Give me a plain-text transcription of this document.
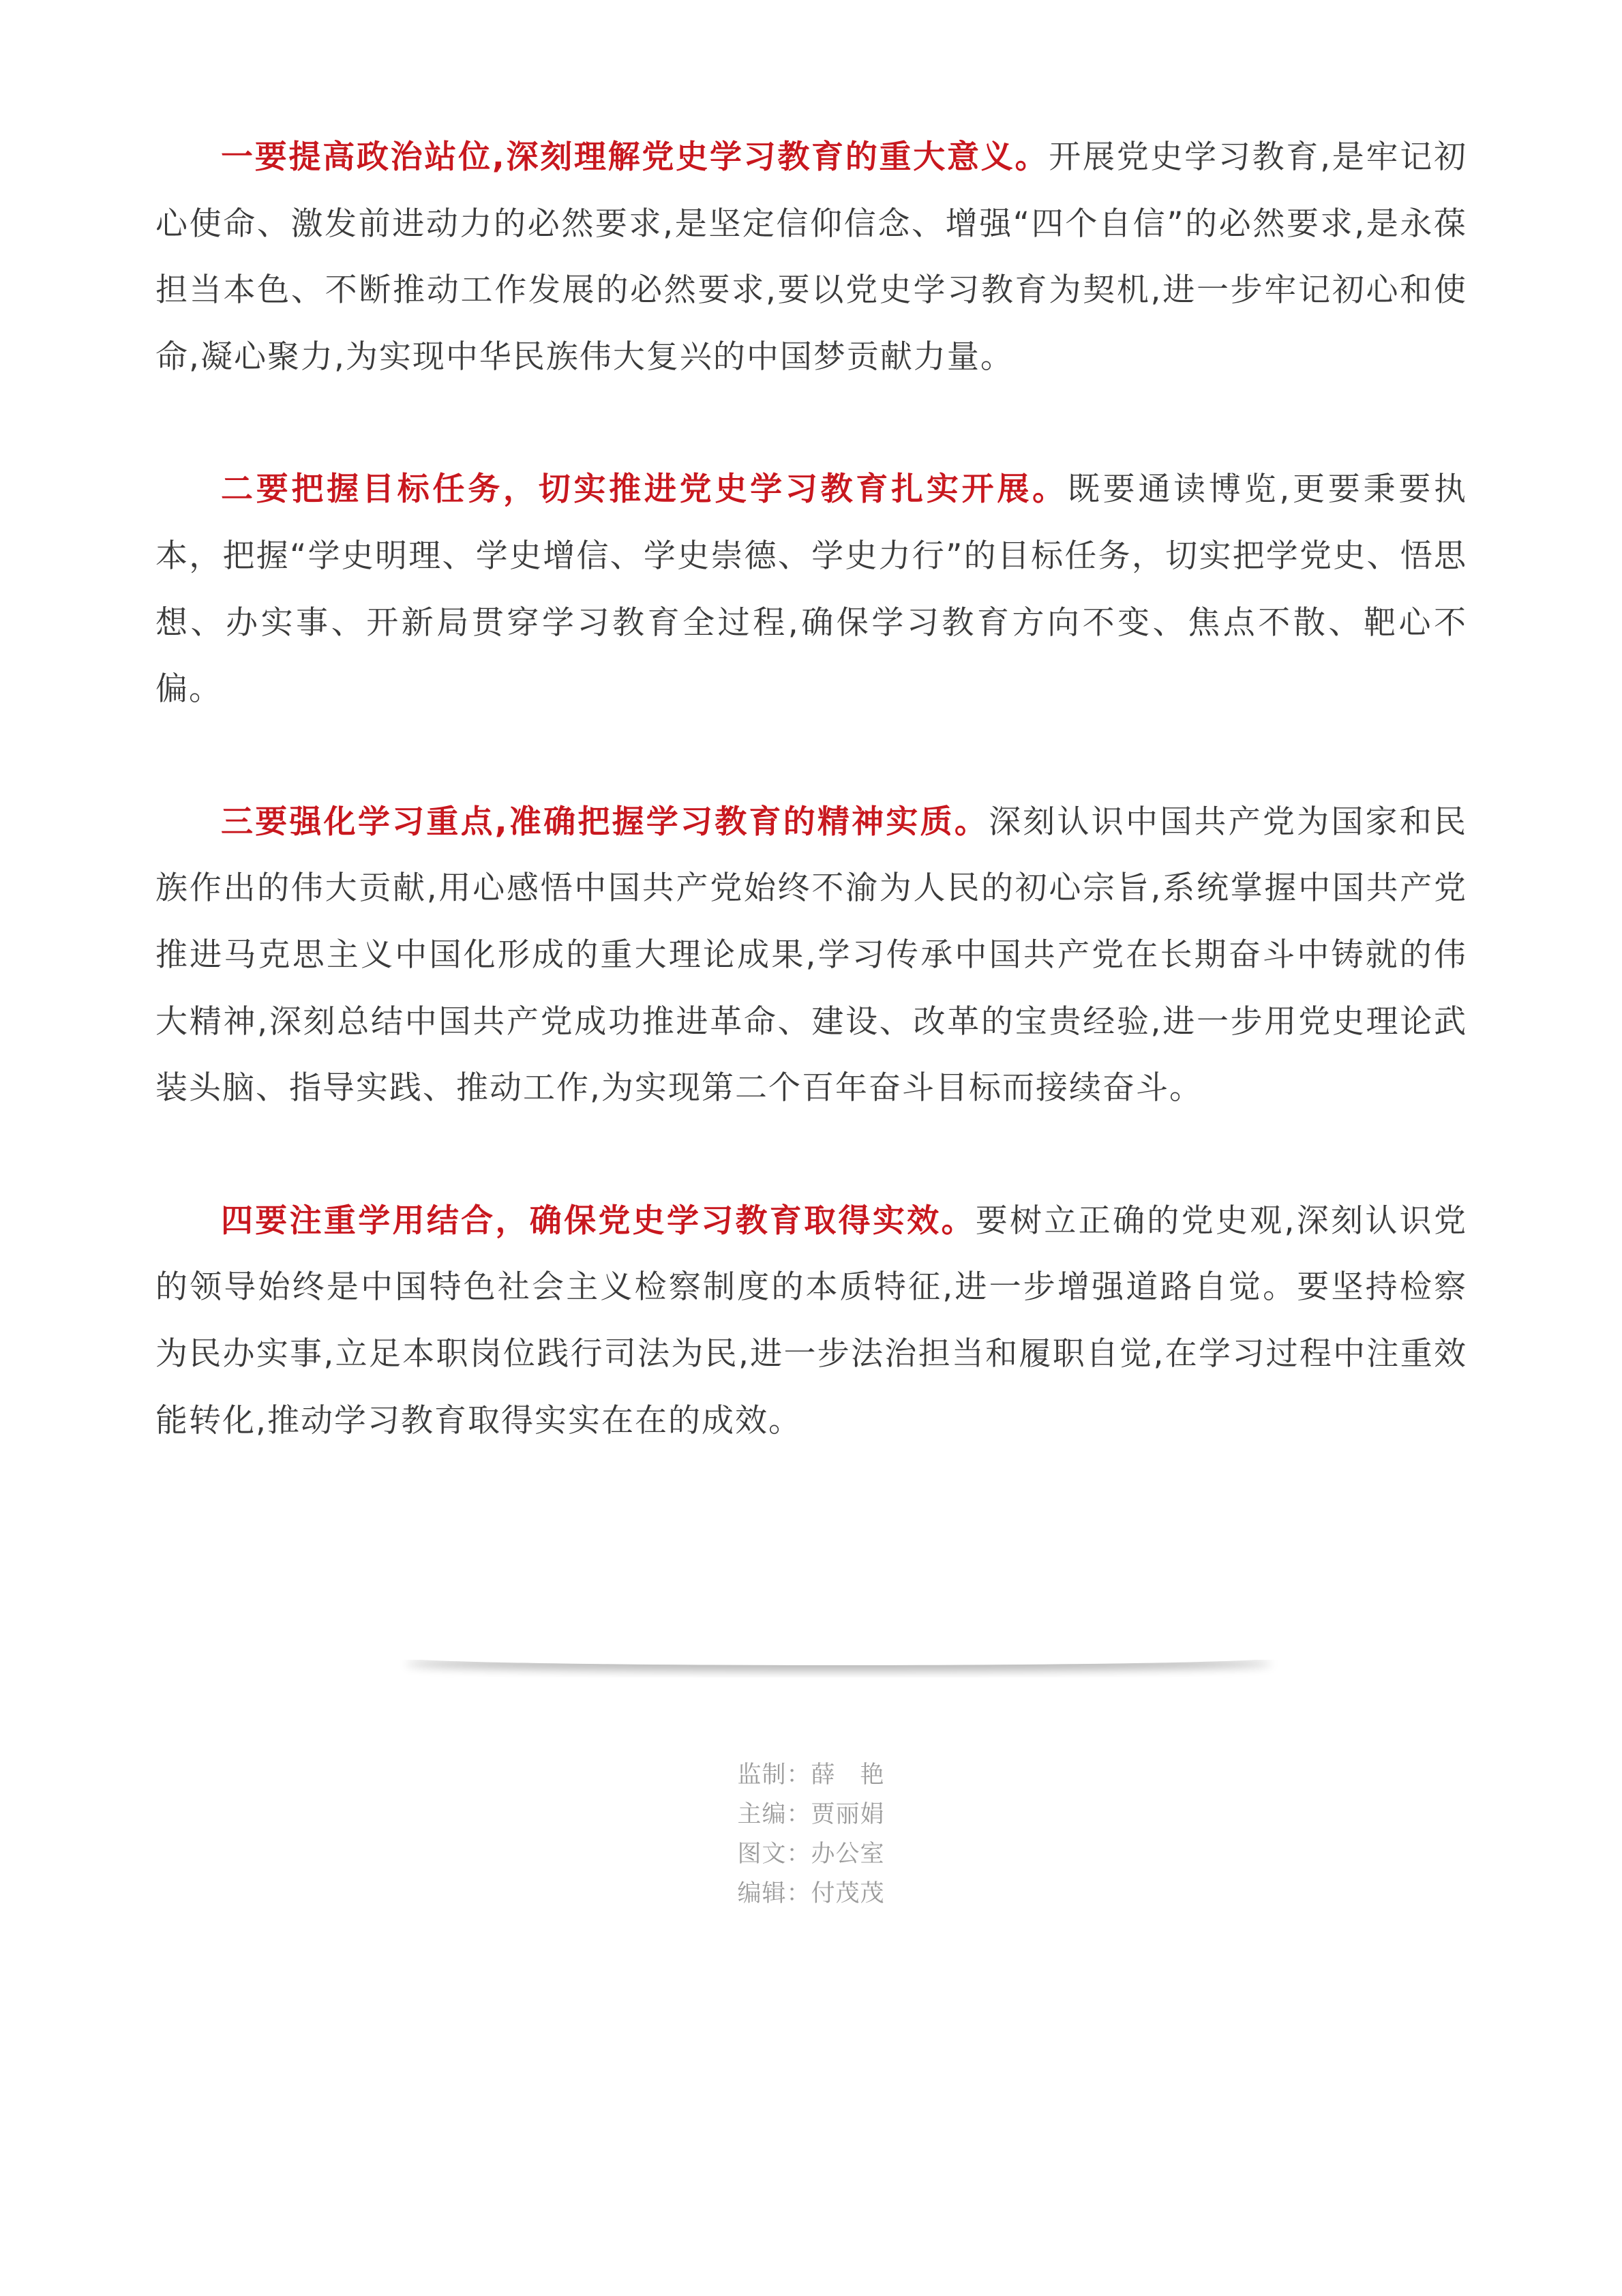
一要提高政治站位,深刻理解党史学习教育的重大意义。开展党史学习教育,是牢记初心使命、激发前进动力的必然要求,是坚定信仰信念、增强“四个自信”的必然要求,是永葆担当本色、不断推动工作发展的必然要求,要以党史学习教育为契机,进一步牢记初心和使命,凝心聚力,为实现中华民族伟大复兴的中国梦贡献力量。

二要把握目标任务，切实推进党史学习教育扎实开展。既要通读博览,更要秉要执本，把握“学史明理、学史增信、学史崇德、学史力行”的目标任务，切实把学党史、悟思想、办实事、开新局贯穿学习教育全过程,确保学习教育方向不变、焦点不散、靶心不偏。

三要强化学习重点,准确把握学习教育的精神实质。深刻认识中国共产党为国家和民族作出的伟大贡献,用心感悟中国共产党始终不渝为人民的初心宗旨,系统掌握中国共产党推进马克思主义中国化形成的重大理论成果,学习传承中国共产党在长期奋斗中铸就的伟大精神,深刻总结中国共产党成功推进革命、建设、改革的宝贵经验,进一步用党史理论武装头脑、指导实践、推动工作,为实现第二个百年奋斗目标而接续奋斗。

四要注重学用结合，确保党史学习教育取得实效。要树立正确的党史观,深刻认识党的领导始终是中国特色社会主义检察制度的本质特征,进一步增强道路自觉。要坚持检察为民办实事,立足本职岗位践行司法为民,进一步法治担当和履职自觉,在学习过程中注重效能转化,推动学习教育取得实实在在的成效。

监制：薛　艳
主编：贾丽娟
图文：办公室
编辑：付茂茂
